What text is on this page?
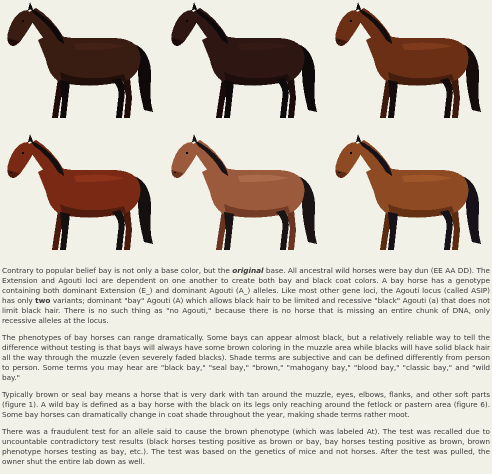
Contrary to popular belief bay is not only a base color, but the original base. All ancestral wild horses were bay dun (EE AA DD). The Extension and Agouti loci are dependent on one another to create both bay and black coat colors. A bay horse has a genotype containing both dominant Extension (E_) and dominant Agouti (A_) alleles. Like most other gene loci, the Agouti locus (called ASIP) has only two variants; dominant "bay" Agouti (A) which allows black hair to be limited and recessive "black" Agouti (a) that does not limit black hair. There is no such thing as "no Agouti," because there is no horse that is missing an entire chunk of DNA, only recessive alleles at the locus.

The phenotypes of bay horses can range dramatically. Some bays can appear almost black, but a relatively reliable way to tell the difference without testing is that bays will always have some brown coloring in the muzzle area while blacks will have solid black hair all the way through the muzzle (even severely faded blacks). Shade terms are subjective and can be defined differently from person to person. Some terms you may hear are "black bay," "seal bay," "brown," "mahogany bay," "blood bay," "classic bay," and "wild bay."

Typically brown or seal bay means a horse that is very dark with tan around the muzzle, eyes, elbows, flanks, and other soft parts (figure 1). A wild bay is defined as a bay horse with the black on its legs only reaching around the fetlock or pastern area (figure 6). Some bay horses can dramatically change in coat shade throughout the year, making shade terms rather moot.

There was a fraudulent test for an allele said to cause the brown phenotype (which was labeled At). The test was recalled due to uncountable contradictory test results (black horses testing positive as brown or bay, bay horses testing positive as brown, brown phenotype horses testing as bay, etc.). The test was based on the genetics of mice and not horses. After the test was pulled, the owner shut the entire lab down as well.
